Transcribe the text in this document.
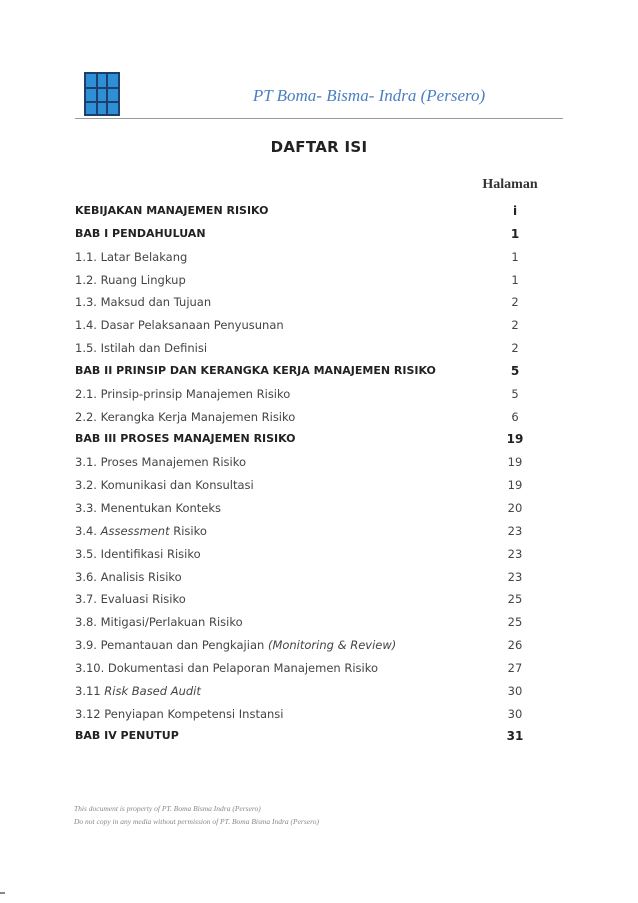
PT Boma- Bisma- Indra (Persero)
DAFTAR ISI
Halaman
KEBIJAKAN MANAJEMEN RISIKO	i
BAB I PENDAHULUAN	1
1.1. Latar Belakang	1
1.2. Ruang Lingkup	1
1.3. Maksud dan Tujuan	2
1.4. Dasar Pelaksanaan Penyusunan	2
1.5. Istilah dan Definisi	2
BAB II PRINSIP DAN KERANGKA KERJA MANAJEMEN RISIKO	5
2.1. Prinsip-prinsip Manajemen Risiko	5
2.2. Kerangka Kerja Manajemen Risiko	6
BAB III PROSES MANAJEMEN RISIKO	19
3.1. Proses Manajemen Risiko	19
3.2. Komunikasi dan Konsultasi	19
3.3. Menentukan Konteks	20
3.4. Assessment Risiko	23
3.5. Identifikasi Risiko	23
3.6. Analisis Risiko	23
3.7. Evaluasi Risiko	25
3.8. Mitigasi/Perlakuan Risiko	25
3.9. Pemantauan dan Pengkajian (Monitoring & Review)	26
3.10. Dokumentasi dan Pelaporan Manajemen Risiko	27
3.11 Risk Based Audit	30
3.12 Penyiapan Kompetensi Instansi	30
BAB IV PENUTUP	31
This document is property of PT. Boma Bisma Indra (Persero)
Do not copy in any media without permission of PT. Boma Bisma Indra (Persero)
